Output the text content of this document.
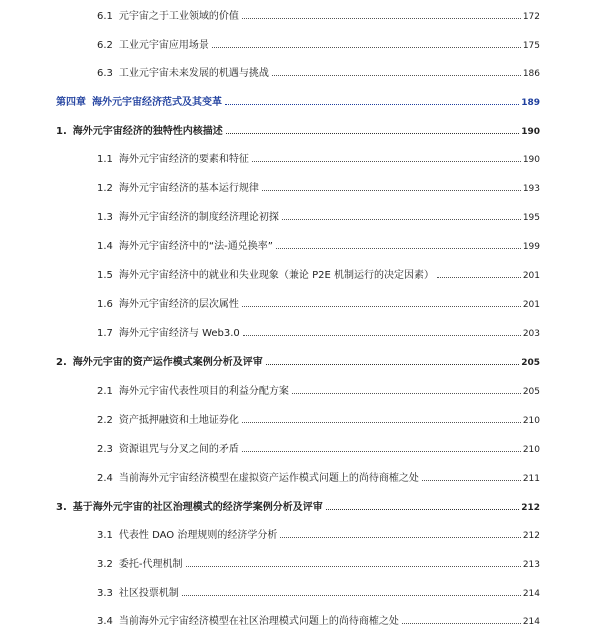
6.1 元宇宙之于工业领域的价值	172
6.2 工业元宇宙应用场景	175
6.3 工业元宇宙未来发展的机遇与挑战	186
第四章 海外元宇宙经济范式及其变革	189
1. 海外元宇宙经济的独特性内核描述	190
1.1 海外元宇宙经济的要素和特征	190
1.2 海外元宇宙经济的基本运行规律	193
1.3 海外元宇宙经济的制度经济理论初探	195
1.4 海外元宇宙经济中的“法-通兑换率”	199
1.5 海外元宇宙经济中的就业和失业现象（兼论 P2E 机制运行的决定因素）	201
1.6 海外元宇宙经济的层次属性	201
1.7 海外元宇宙经济与 Web3.0	203
2. 海外元宇宙的资产运作模式案例分析及评审	205
2.1 海外元宇宙代表性项目的利益分配方案	205
2.2 资产抵押融资和土地证券化	210
2.3 资源诅咒与分叉之间的矛盾	210
2.4 当前海外元宇宙经济模型在虚拟资产运作模式问题上的尚待商榷之处	211
3. 基于海外元宇宙的社区治理模式的经济学案例分析及评审	212
3.1 代表性 DAO 治理规则的经济学分析	212
3.2 委托-代理机制	213
3.3 社区投票机制	214
3.4 当前海外元宇宙经济模型在社区治理模式问题上的尚待商榷之处	214
